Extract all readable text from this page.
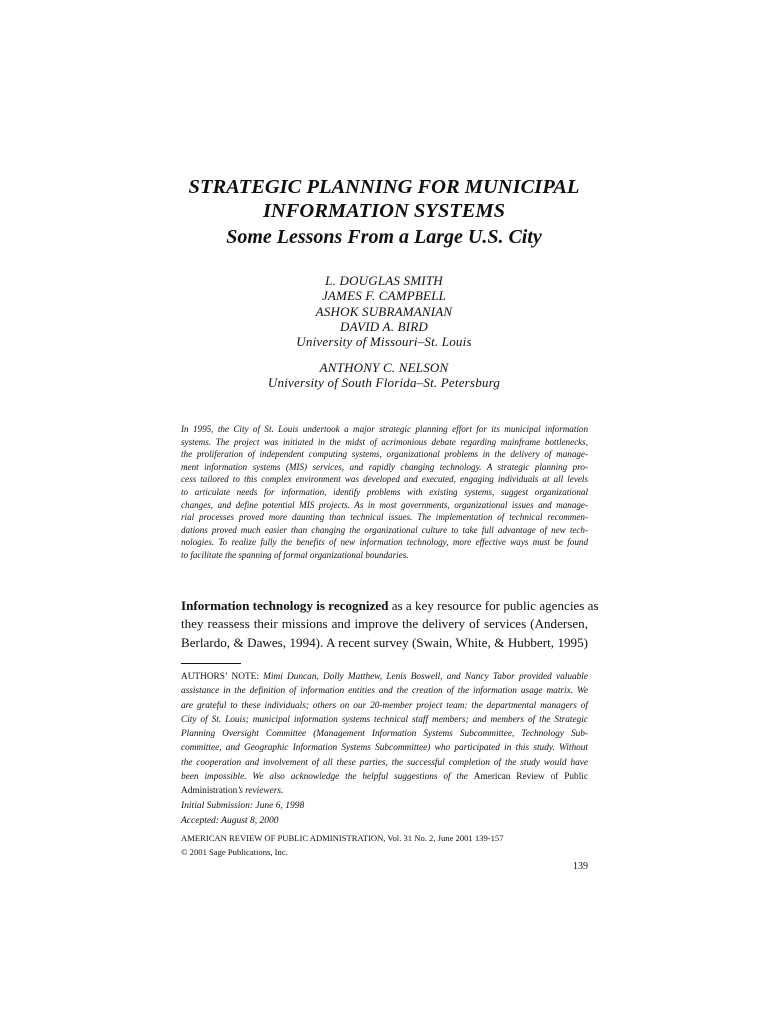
STRATEGIC PLANNING FOR MUNICIPAL
INFORMATION SYSTEMS
Some Lessons From a Large U.S. City
L. DOUGLAS SMITH
JAMES F. CAMPBELL
ASHOK SUBRAMANIAN
DAVID A. BIRD
University of Missouri–St. Louis
ANTHONY C. NELSON
University of South Florida–St. Petersburg
In 1995, the City of St. Louis undertook a major strategic planning effort for its municipal information
systems. The project was initiated in the midst of acrimonious debate regarding mainframe bottlenecks,
the proliferation of independent computing systems, organizational problems in the delivery of manage-
ment information systems (MIS) services, and rapidly changing technology. A strategic planning pro-
cess tailored to this complex environment was developed and executed, engaging individuals at all levels
to articulate needs for information, identify problems with existing systems, suggest organizational
changes, and define potential MIS projects. As in most governments, organizational issues and manage-
rial processes proved more daunting than technical issues. The implementation of technical recommen-
dations proved much easier than changing the organizational culture to take full advantage of new tech-
nologies. To realize fully the benefits of new information technology, more effective ways must be found
to facilitate the spanning of formal organizational boundaries.
Information technology is recognized as a key resource for public agencies as
they reassess their missions and improve the delivery of services (Andersen,
Berlardo, & Dawes, 1994). A recent survey (Swain, White, & Hubbert, 1995)
AUTHORS’ NOTE: Mimi Duncan, Dolly Matthew, Lenis Boswell, and Nancy Tabor provided valuable
assistance in the definition of information entities and the creation of the information usage matrix. We
are grateful to these individuals; others on our 20-member project team: the departmental managers of
City of St. Louis; municipal information systems technical staff members; and members of the Strategic
Planning Oversight Committee (Management Information Systems Subcommittee, Technology Sub-
committee, and Geographic Information Systems Subcommittee) who participated in this study. Without
the cooperation and involvement of all these parties, the successful completion of the study would have
been impossible. We also acknowledge the helpful suggestions of the American Review of Public
Administration’s reviewers.
Initial Submission: June 6, 1998
Accepted: August 8, 2000
AMERICAN REVIEW OF PUBLIC ADMINISTRATION, Vol. 31 No. 2, June 2001 139-157
© 2001 Sage Publications, Inc.
139
